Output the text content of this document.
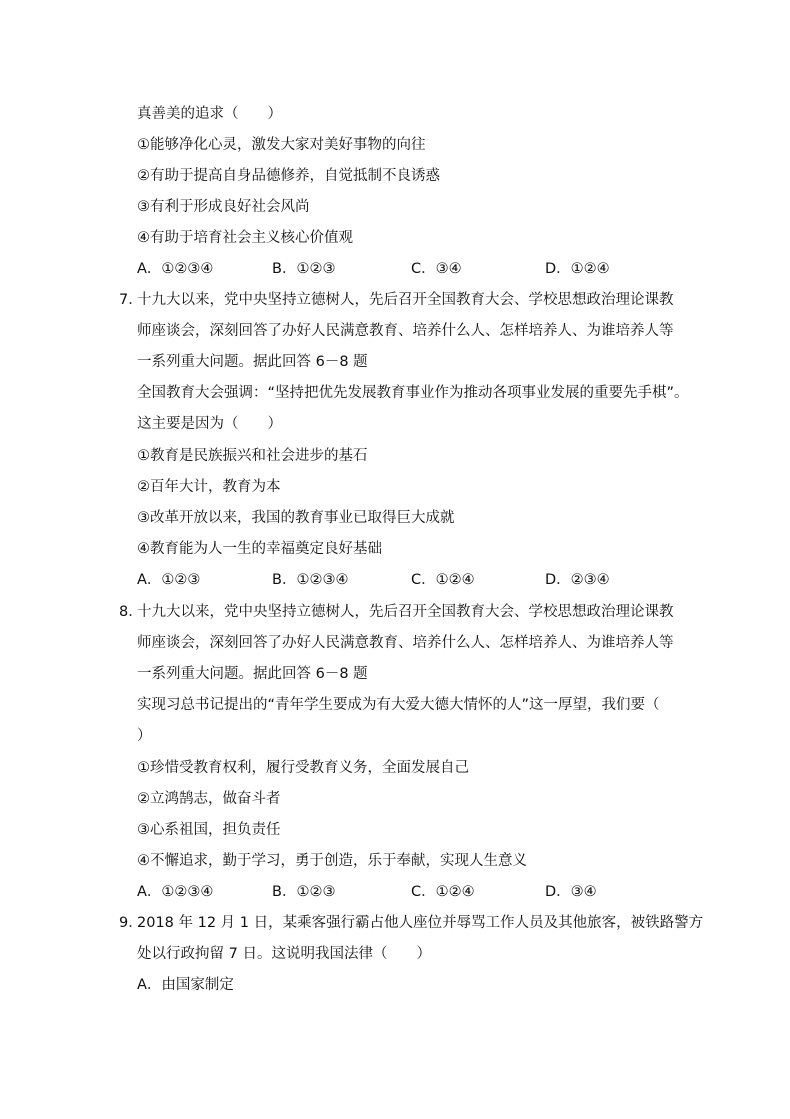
真善美的追求（　　）
①能够净化心灵，激发大家对美好事物的向往
②有助于提高自身品德修养，自觉抵制不良诱惑
③有利于形成良好社会风尚
④有助于培育社会主义核心价值观
A．①②③④	B．①②③	C．③④	D．①②④
7．
十九大以来，党中央坚持立德树人，先后召开全国教育大会、学校思想政治理论课教
师座谈会，深刻回答了办好人民满意教育、培养什么人、怎样培养人、为谁培养人等
一系列重大问题。据此回答 6－8 题
全国教育大会强调：“坚持把优先发展教育事业作为推动各项事业发展的重要先手棋”。
这主要是因为（　　）
①教育是民族振兴和社会进步的基石
②百年大计，教育为本
③改革开放以来，我国的教育事业已取得巨大成就
④教育能为人一生的幸福奠定良好基础
A．①②③	B．①②③④	C．①②④	D．②③④
8．
十九大以来，党中央坚持立德树人，先后召开全国教育大会、学校思想政治理论课教
师座谈会，深刻回答了办好人民满意教育、培养什么人、怎样培养人、为谁培养人等
一系列重大问题。据此回答 6－8 题
实现习总书记提出的“青年学生要成为有大爱大德大情怀的人”这一厚望，我们要（
）
①珍惜受教育权利，履行受教育义务，全面发展自己
②立鸿鹄志，做奋斗者
③心系祖国，担负责任
④不懈追求，勤于学习，勇于创造，乐于奉献，实现人生意义
A．①②③④	B．①②③	C．①②④	D．③④
9．
2018 年 12 月 1 日，某乘客强行霸占他人座位并辱骂工作人员及其他旅客，被铁路警方
处以行政拘留 7 日。这说明我国法律（　　）
A．由国家制定
